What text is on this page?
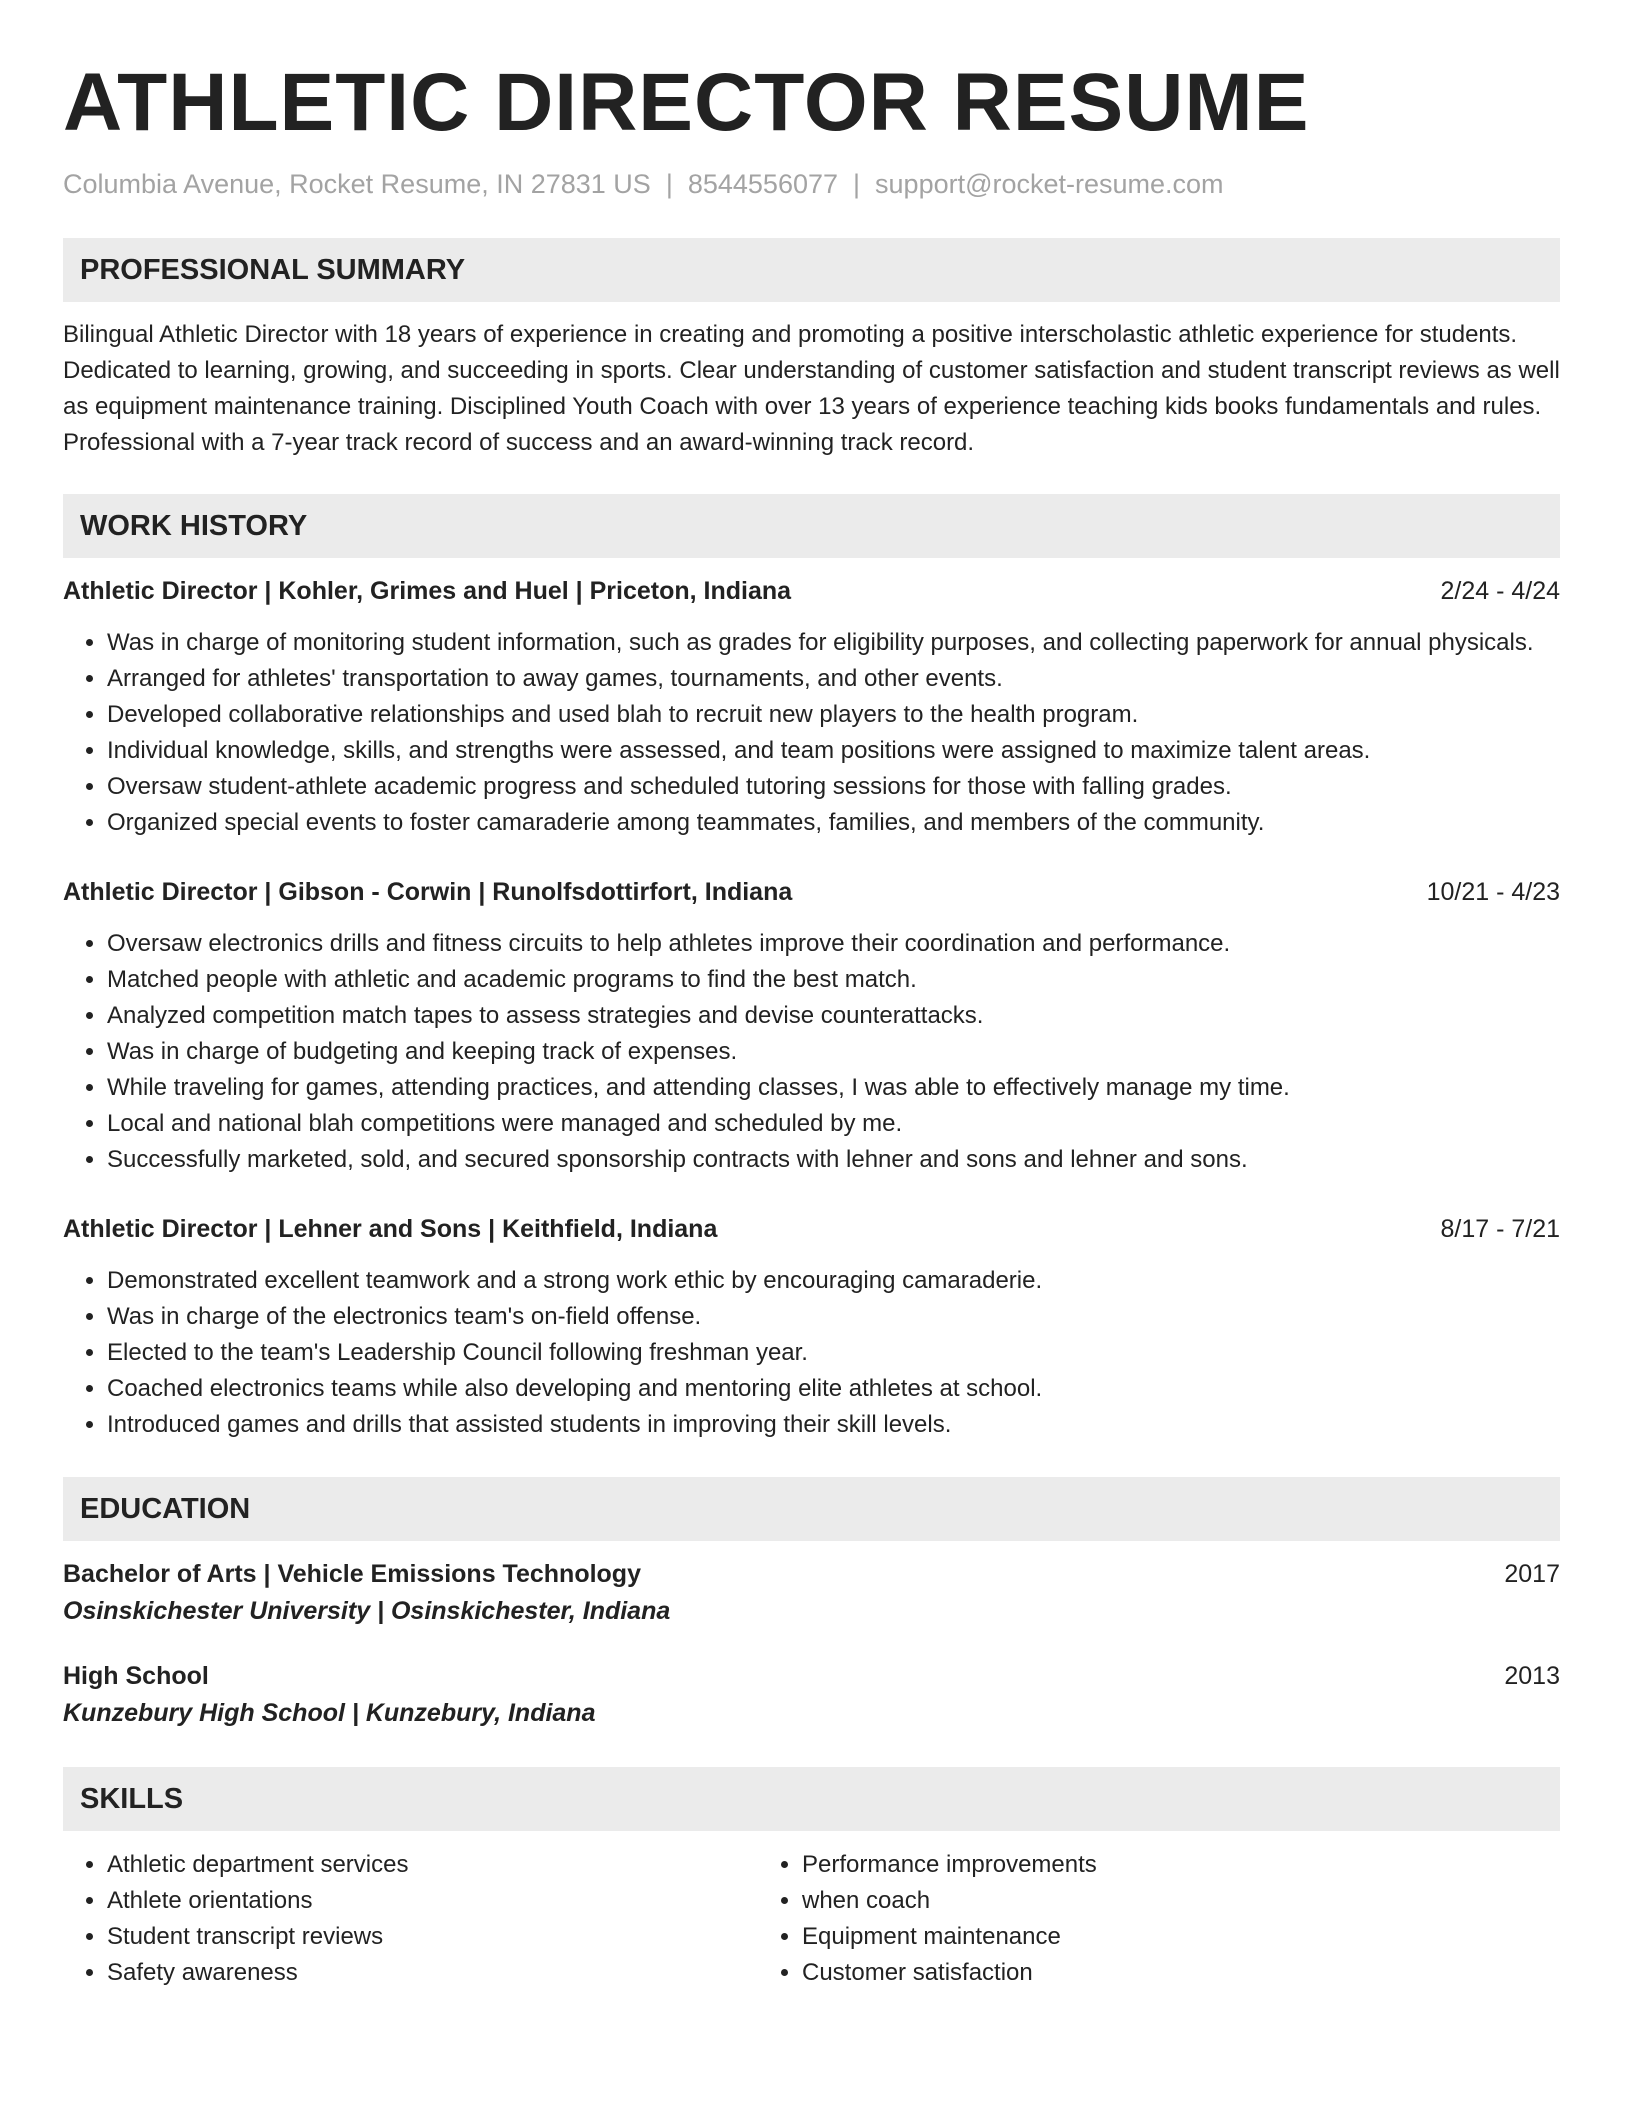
ATHLETIC DIRECTOR RESUME
Columbia Avenue, Rocket Resume, IN 27831 US | 8544556077 | support@rocket-resume.com
PROFESSIONAL SUMMARY
Bilingual Athletic Director with 18 years of experience in creating and promoting a positive interscholastic athletic experience for students. Dedicated to learning, growing, and succeeding in sports. Clear understanding of customer satisfaction and student transcript reviews as well as equipment maintenance training. Disciplined Youth Coach with over 13 years of experience teaching kids books fundamentals and rules. Professional with a 7-year track record of success and an award-winning track record.
WORK HISTORY
Athletic Director | Kohler, Grimes and Huel | Priceton, Indiana	2/24 - 4/24
• Was in charge of monitoring student information, such as grades for eligibility purposes, and collecting paperwork for annual physicals.
• Arranged for athletes' transportation to away games, tournaments, and other events.
• Developed collaborative relationships and used blah to recruit new players to the health program.
• Individual knowledge, skills, and strengths were assessed, and team positions were assigned to maximize talent areas.
• Oversaw student-athlete academic progress and scheduled tutoring sessions for those with falling grades.
• Organized special events to foster camaraderie among teammates, families, and members of the community.
Athletic Director | Gibson - Corwin | Runolfsdottirfort, Indiana	10/21 - 4/23
• Oversaw electronics drills and fitness circuits to help athletes improve their coordination and performance.
• Matched people with athletic and academic programs to find the best match.
• Analyzed competition match tapes to assess strategies and devise counterattacks.
• Was in charge of budgeting and keeping track of expenses.
• While traveling for games, attending practices, and attending classes, I was able to effectively manage my time.
• Local and national blah competitions were managed and scheduled by me.
• Successfully marketed, sold, and secured sponsorship contracts with lehner and sons and lehner and sons.
Athletic Director | Lehner and Sons | Keithfield, Indiana	8/17 - 7/21
• Demonstrated excellent teamwork and a strong work ethic by encouraging camaraderie.
• Was in charge of the electronics team's on-field offense.
• Elected to the team's Leadership Council following freshman year.
• Coached electronics teams while also developing and mentoring elite athletes at school.
• Introduced games and drills that assisted students in improving their skill levels.
EDUCATION
Bachelor of Arts | Vehicle Emissions Technology	2017
Osinskichester University | Osinskichester, Indiana
High School	2013
Kunzebury High School | Kunzebury, Indiana
SKILLS
• Athletic department services
• Athlete orientations
• Student transcript reviews
• Safety awareness
• Performance improvements
• when coach
• Equipment maintenance
• Customer satisfaction
